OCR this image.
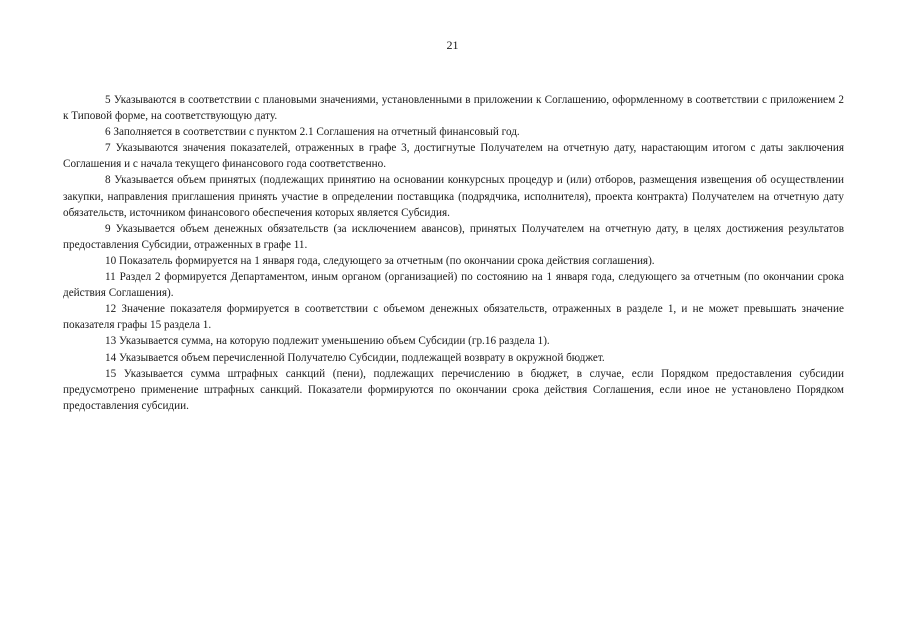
21

5 Указываются в соответствии с плановыми значениями, установленными в приложении к Соглашению, оформленному в соответствии с приложением 2 к Типовой форме, на соответствующую дату.

6 Заполняется в соответствии с пунктом 2.1 Соглашения на отчетный финансовый год.

7 Указываются значения показателей, отраженных в графе 3, достигнутые Получателем на отчетную дату, нарастающим итогом с даты заключения Соглашения и с начала текущего финансового года соответственно.

8 Указывается объем принятых (подлежащих принятию на основании конкурсных процедур и (или) отборов, размещения извещения об осуществлении закупки, направления приглашения принять участие в определении поставщика (подрядчика, исполнителя), проекта контракта) Получателем на отчетную дату обязательств, источником финансового обеспечения которых является Субсидия.

9 Указывается объем денежных обязательств (за исключением авансов), принятых Получателем на отчетную дату, в целях достижения результатов предоставления Субсидии, отраженных в графе 11.

10 Показатель формируется на 1 января года, следующего за отчетным (по окончании срока действия соглашения).

11 Раздел 2 формируется Департаментом, иным органом (организацией) по состоянию на 1 января года, следующего за отчетным (по окончании срока действия Соглашения).

12 Значение показателя формируется в соответствии с объемом денежных обязательств, отраженных в разделе 1, и не может превышать значение показателя графы 15 раздела 1.

13 Указывается сумма, на которую подлежит уменьшению объем Субсидии (гр.16 раздела 1).

14 Указывается объем перечисленной Получателю Субсидии, подлежащей возврату в окружной бюджет.

15 Указывается сумма штрафных санкций (пени), подлежащих перечислению в бюджет, в случае, если Порядком предоставления субсидии предусмотрено применение штрафных санкций. Показатели формируются по окончании срока действия Соглашения, если иное не установлено Порядком предоставления субсидии.
